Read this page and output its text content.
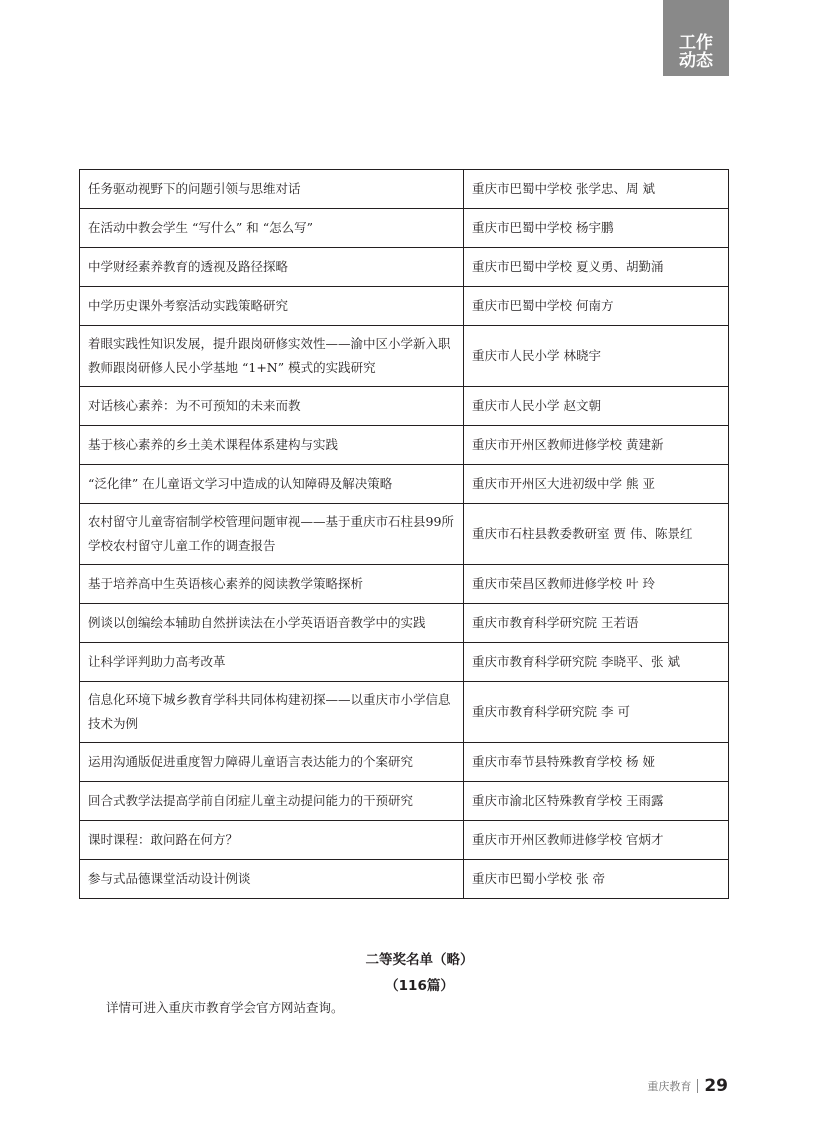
工作
动态
任务驱动视野下的问题引领与思维对话	重庆市巴蜀中学校 张学忠、周 斌
在活动中教会学生 “写什么” 和 “怎么写”	重庆市巴蜀中学校 杨宇鹏
中学财经素养教育的透视及路径探略	重庆市巴蜀中学校 夏义勇、胡勤涌
中学历史课外考察活动实践策略研究	重庆市巴蜀中学校 何南方
着眼实践性知识发展，提升跟岗研修实效性——渝中区小学新入职教师跟岗研修人民小学基地 “1+N” 模式的实践研究	重庆市人民小学 林晓宇
对话核心素养：为不可预知的未来而教	重庆市人民小学 赵文朝
基于核心素养的乡土美术课程体系建构与实践	重庆市开州区教师进修学校 黄建新
“泛化律” 在儿童语文学习中造成的认知障碍及解决策略	重庆市开州区大进初级中学 熊 亚
农村留守儿童寄宿制学校管理问题审视——基于重庆市石柱县99所学校农村留守儿童工作的调查报告	重庆市石柱县教委教研室 贾 伟、陈景红
基于培养高中生英语核心素养的阅读教学策略探析	重庆市荣昌区教师进修学校 叶 玲
例谈以创编绘本辅助自然拼读法在小学英语语音教学中的实践	重庆市教育科学研究院 王若语
让科学评判助力高考改革	重庆市教育科学研究院 李晓平、张 斌
信息化环境下城乡教育学科共同体构建初探——以重庆市小学信息技术为例	重庆市教育科学研究院 李 可
运用沟通版促进重度智力障碍儿童语言表达能力的个案研究	重庆市奉节县特殊教育学校 杨 娅
回合式教学法提高学前自闭症儿童主动提问能力的干预研究	重庆市渝北区特殊教育学校 王雨露
课时课程：敢问路在何方？	重庆市开州区教师进修学校 官炳才
参与式品德课堂活动设计例谈	重庆市巴蜀小学校 张 帝
二等奖名单（略）
（116篇）
详情可进入重庆市教育学会官方网站查询。
重庆教育 29
